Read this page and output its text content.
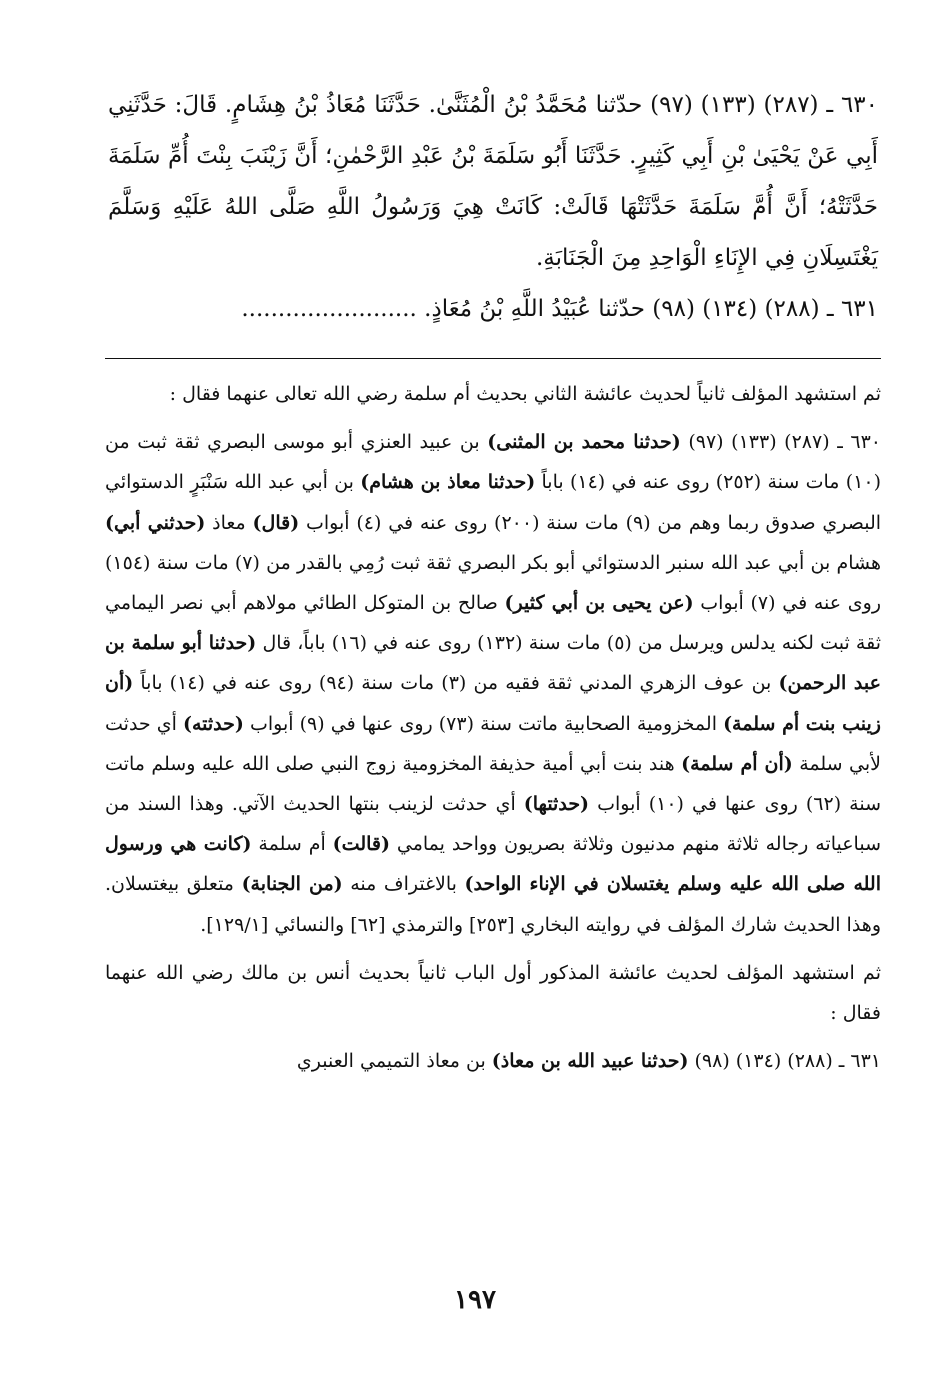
٦٣٠ ـ (٢٨٧) (١٣٣) (٩٧) حدّثنا مُحَمَّدُ بْنُ الْمُثَنَّىٰ. حَدَّثَنَا مُعَاذُ بْنُ هِشَامٍ. قَالَ: حَدَّثَنِي أَبِي عَنْ يَحْيَىٰ بْنِ أَبِي كَثِيرٍ. حَدَّثَنَا أَبُو سَلَمَةَ بْنُ عَبْدِ الرَّحْمٰنِ؛ أَنَّ زَيْنَبَ بِنْتَ أُمِّ سَلَمَةَ حَدَّثَتْهُ؛ أَنَّ أُمَّ سَلَمَةَ حَدَّثَتْهَا قَالَتْ: كَانَتْ هِيَ وَرَسُولُ اللَّهِ صَلَّى اللهُ عَلَيْهِ وَسَلَّمَ يَغْتَسِلَانِ فِي الإِنَاءِ الْوَاحِدِ مِنَ الْجَنَابَةِ.

٦٣١ ـ (٢٨٨) (١٣٤) (٩٨) حدّثنا عُبَيْدُ اللَّهِ بْنُ مُعَاذٍ. ........................

ثم استشهد المؤلف ثانياً لحديث عائشة الثاني بحديث أم سلمة رضي الله تعالى عنهما فقال :

٦٣٠ ـ (٢٨٧) (١٣٣) (٩٧) (حدثنا محمد بن المثنى) بن عبيد العنزي أبو موسى البصري ثقة ثبت من (١٠) مات سنة (٢٥٢) روى عنه في (١٤) باباً (حدثنا معاذ بن هشام) بن أبي عبد الله سَنْبَرٍ الدستوائي البصري صدوق ربما وهم من (٩) مات سنة (٢٠٠) روى عنه في (٤) أبواب (قال) معاذ (حدثني أبي) هشام بن أبي عبد الله سنبر الدستوائي أبو بكر البصري ثقة ثبت رُمِي بالقدر من (٧) مات سنة (١٥٤) روى عنه في (٧) أبواب (عن يحيى بن أبي كثير) صالح بن المتوكل الطائي مولاهم أبي نصر اليمامي ثقة ثبت لكنه يدلس ويرسل من (٥) مات سنة (١٣٢) روى عنه في (١٦) باباً، قال (حدثنا أبو سلمة بن عبد الرحمن) بن عوف الزهري المدني ثقة فقيه من (٣) مات سنة (٩٤) روى عنه في (١٤) باباً (أن زينب بنت أم سلمة) المخزومية الصحابية ماتت سنة (٧٣) روى عنها في (٩) أبواب (حدثته) أي حدثت لأبي سلمة (أن أم سلمة) هند بنت أبي أمية حذيفة المخزومية زوج النبي صلى الله عليه وسلم ماتت سنة (٦٢) روى عنها في (١٠) أبواب (حدثتها) أي حدثت لزينب بنتها الحديث الآتي. وهذا السند من سباعياته رجاله ثلاثة منهم مدنيون وثلاثة بصريون وواحد يمامي (قالت) أم سلمة (كانت هي ورسول الله صلى الله عليه وسلم يغتسلان في الإناء الواحد) بالاغتراف منه (من الجنابة) متعلق بيغتسلان. وهذا الحديث شارك المؤلف في روايته البخاري [٢٥٣] والترمذي [٦٢] والنسائي [١٢٩/١].

ثم استشهد المؤلف لحديث عائشة المذكور أول الباب ثانياً بحديث أنس بن مالك رضي الله عنهما فقال :

٦٣١ ـ (٢٨٨) (١٣٤) (٩٨) (حدثنا عبيد الله بن معاذ) بن معاذ التميمي العنبري

١٩٧
